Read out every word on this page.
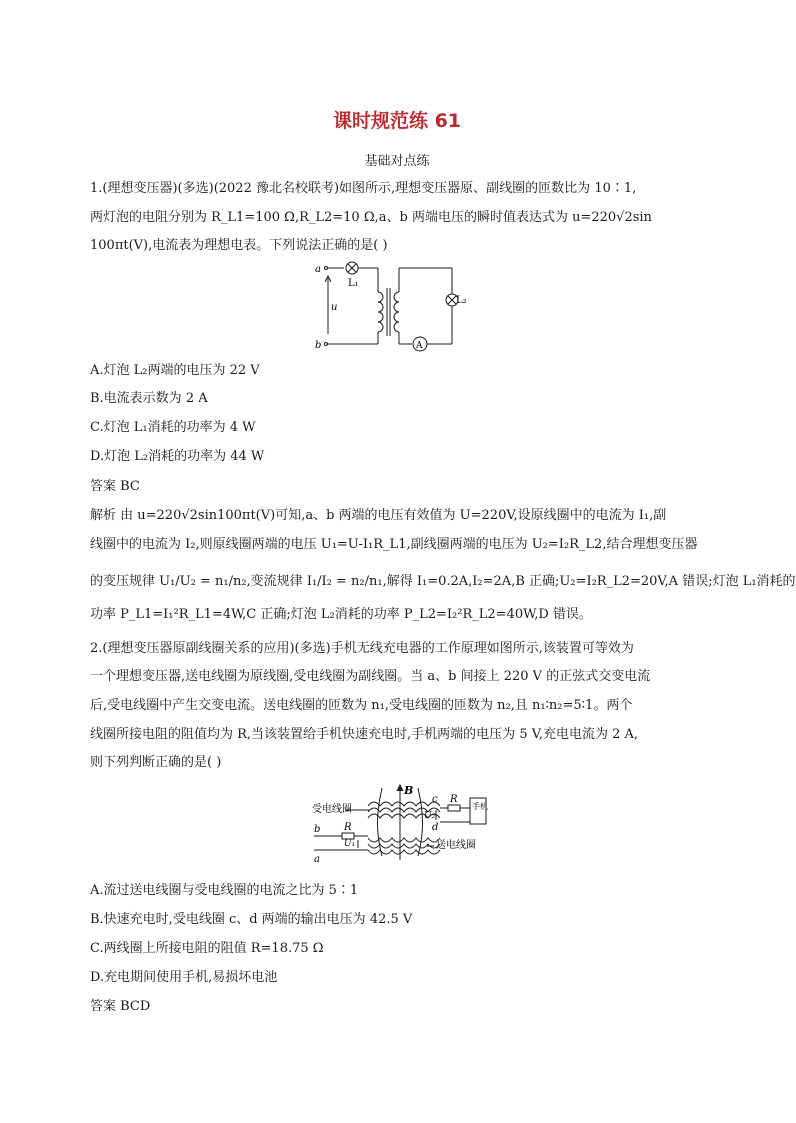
课时规范练 61
基础对点练
1.(理想变压器)(多选)(2022 豫北名校联考)如图所示,理想变压器原、副线圈的匝数比为 10∶1,
两灯泡的电阻分别为 R_L1=100 Ω,R_L2=10 Ω,a、b 两端电压的瞬时值表达式为 u=220√2sin
100πt(V),电流表为理想电表。下列说法正确的是( )
a
b
u
L₁
L₂
A
A.灯泡 L₂两端的电压为 22 V
B.电流表示数为 2 A
C.灯泡 L₁消耗的功率为 4 W
D.灯泡 L₂消耗的功率为 44 W
答案 BC
解析 由 u=220√2sin100πt(V)可知,a、b 两端的电压有效值为 U=220V,设原线圈中的电流为 I₁,副
线圈中的电流为 I₂,则原线圈两端的电压 U₁=U-I₁R_L1,副线圈两端的电压为 U₂=I₂R_L2,结合理想变压器
的变压规律 U₁/U₂ = n₁/n₂,变流规律 I₁/I₂ = n₂/n₁,解得 I₁=0.2A,I₂=2A,B 正确;U₂=I₂R_L2=20V,A 错误;灯泡 L₁消耗的
功率 P_L1=I₁²R_L1=4W,C 正确;灯泡 L₂消耗的功率 P_L2=I₂²R_L2=40W,D 错误。
2.(理想变压器原副线圈关系的应用)(多选)手机无线充电器的工作原理如图所示,该装置可等效为
一个理想变压器,送电线圈为原线圈,受电线圈为副线圈。当 a、b 间接上 220 V 的正弦式交变电流
后,受电线圈中产生交变电流。送电线圈的匝数为 n₁,受电线圈的匝数为 n₂,且 n₁∶n₂=5∶1。两个
线圈所接电阻的阻值均为 R,当该装置给手机快速充电时,手机两端的电压为 5 V,充电电流为 2 A,
则下列判断正确的是( )
受电线圈
送电线圈
B
c
d
R
R
U₂
U₁
b
a
手机
A.流过送电线圈与受电线圈的电流之比为 5∶1
B.快速充电时,受电线圈 c、d 两端的输出电压为 42.5 V
C.两线圈上所接电阻的阻值 R=18.75 Ω
D.充电期间使用手机,易损坏电池
答案 BCD
